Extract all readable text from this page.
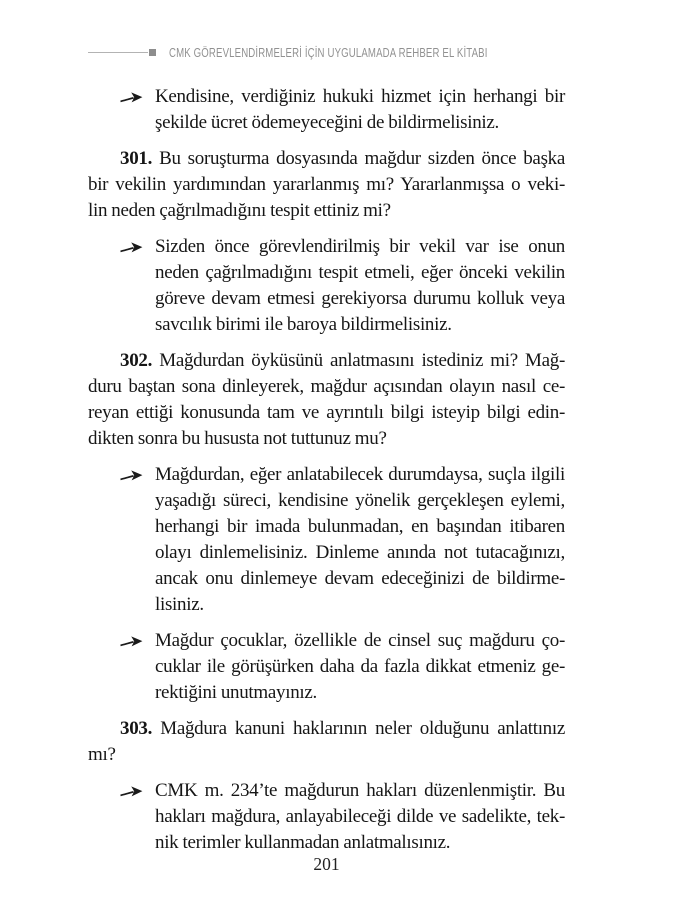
CMK GÖREVLENDİRMELERİ İÇİN UYGULAMADA REHBER EL KİTABI
Kendisine, verdiğiniz hukuki hizmet için herhangi bir
şekilde ücret ödemeyeceğini de bildirmelisiniz.
301. Bu soruşturma dosyasında mağdur sizden önce başka
bir vekilin yardımından yararlanmış mı? Yararlanmışsa o veki-
lin neden çağrılmadığını tespit ettiniz mi?
Sizden önce görevlendirilmiş bir vekil var ise onun
neden çağrılmadığını tespit etmeli, eğer önceki vekilin
göreve devam etmesi gerekiyorsa durumu kolluk veya
savcılık birimi ile baroya bildirmelisiniz.
302. Mağdurdan öyküsünü anlatmasını istediniz mi? Mağ-
duru baştan sona dinleyerek, mağdur açısından olayın nasıl ce-
reyan ettiği konusunda tam ve ayrıntılı bilgi isteyip bilgi edin-
dikten sonra bu hususta not tuttunuz mu?
Mağdurdan, eğer anlatabilecek durumdaysa, suçla ilgili
yaşadığı süreci, kendisine yönelik gerçekleşen eylemi,
herhangi bir imada bulunmadan, en başından itibaren
olayı dinlemelisiniz. Dinleme anında not tutacağınızı,
ancak onu dinlemeye devam edeceğinizi de bildirme-
lisiniz.
Mağdur çocuklar, özellikle de cinsel suç mağduru ço-
cuklar ile görüşürken daha da fazla dikkat etmeniz ge-
rektiğini unutmayınız.
303. Mağdura kanuni haklarının neler olduğunu anlattınız
mı?
CMK m. 234’te mağdurun hakları düzenlenmiştir. Bu
hakları mağdura, anlayabileceği dilde ve sadelikte, tek-
nik terimler kullanmadan anlatmalısınız.
201
